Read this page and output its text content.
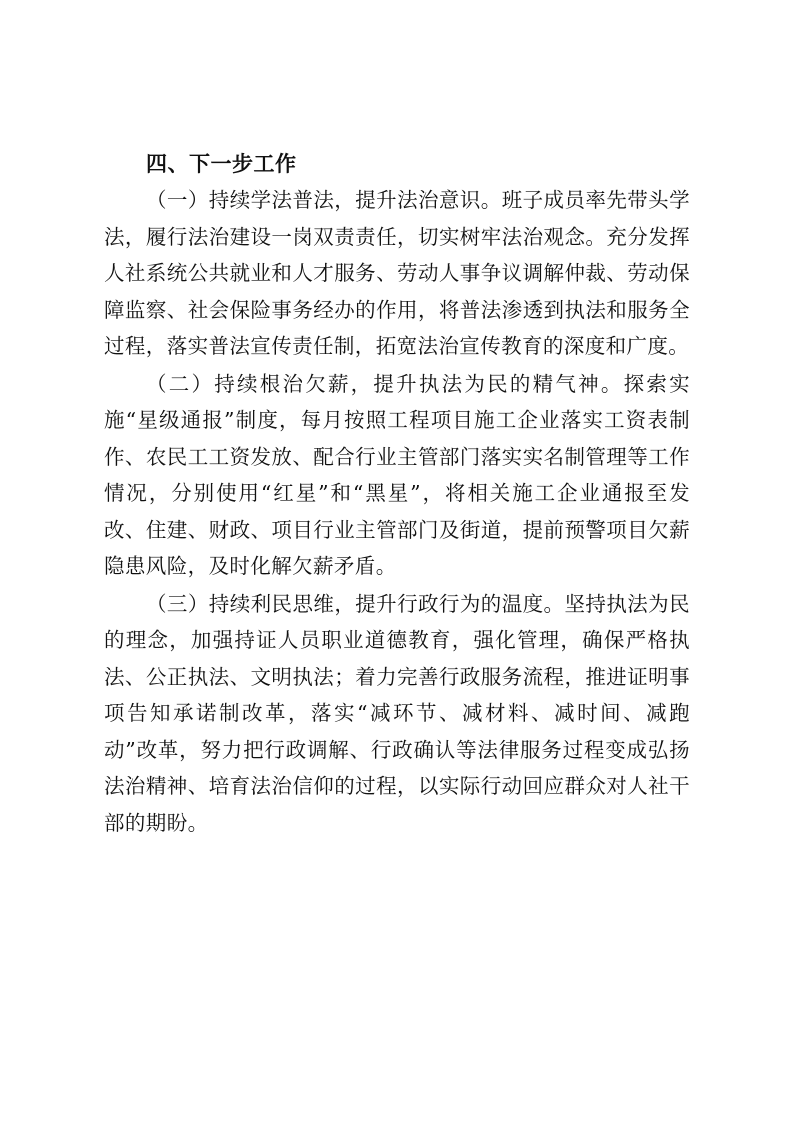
四、下一步工作

（一）持续学法普法，提升法治意识。班子成员率先带头学法，履行法治建设一岗双责责任，切实树牢法治观念。充分发挥人社系统公共就业和人才服务、劳动人事争议调解仲裁、劳动保障监察、社会保险事务经办的作用，将普法渗透到执法和服务全过程，落实普法宣传责任制，拓宽法治宣传教育的深度和广度。

（二）持续根治欠薪，提升执法为民的精气神。探索实施“星级通报”制度，每月按照工程项目施工企业落实工资表制作、农民工工资发放、配合行业主管部门落实实名制管理等工作情况，分别使用“红星”和“黑星”，将相关施工企业通报至发改、住建、财政、项目行业主管部门及街道，提前预警项目欠薪隐患风险，及时化解欠薪矛盾。

（三）持续利民思维，提升行政行为的温度。坚持执法为民的理念，加强持证人员职业道德教育，强化管理，确保严格执法、公正执法、文明执法；着力完善行政服务流程，推进证明事项告知承诺制改革，落实“减环节、减材料、减时间、减跑动”改革，努力把行政调解、行政确认等法律服务过程变成弘扬法治精神、培育法治信仰的过程，以实际行动回应群众对人社干部的期盼。
